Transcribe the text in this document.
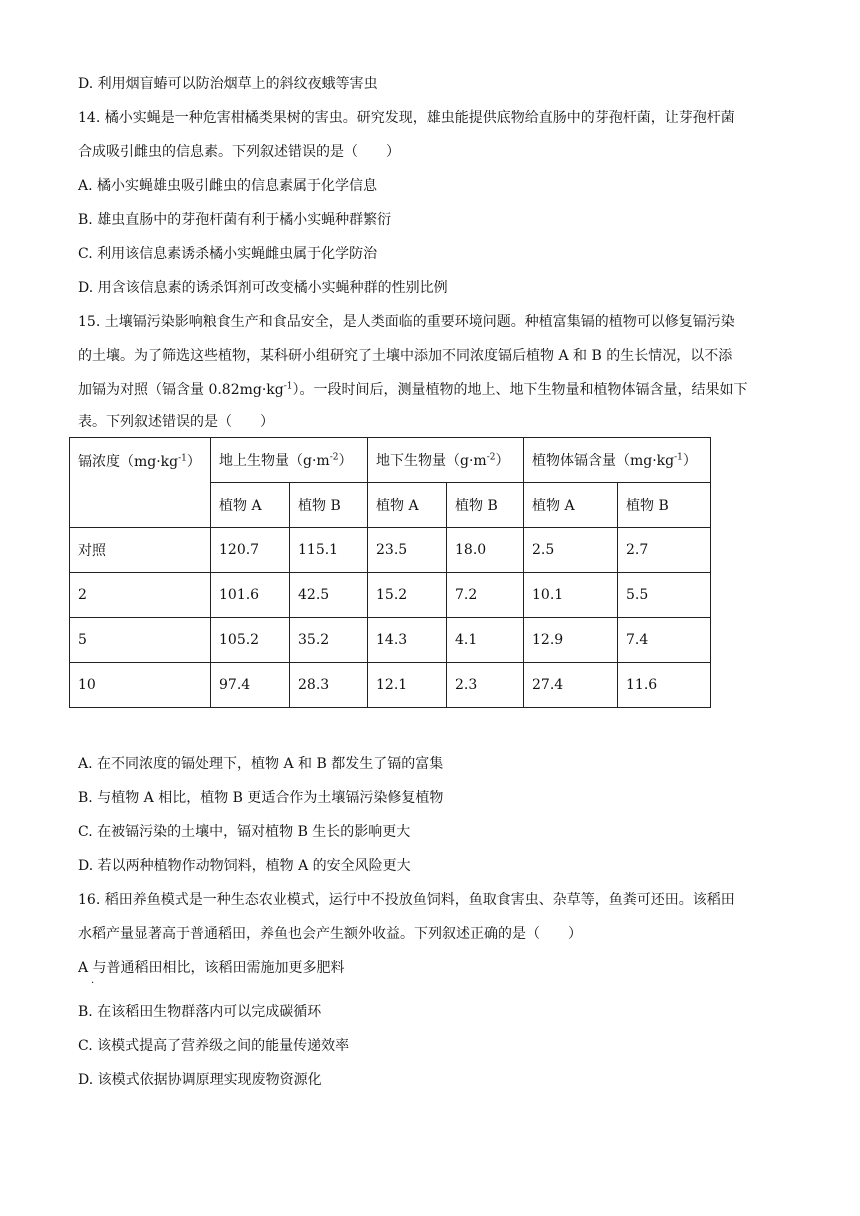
D. 利用烟盲蝽可以防治烟草上的斜纹夜蛾等害虫
14. 橘小实蝇是一种危害柑橘类果树的害虫。研究发现，雄虫能提供底物给直肠中的芽孢杆菌，让芽孢杆菌
合成吸引雌虫的信息素。下列叙述错误的是（　　）
A. 橘小实蝇雄虫吸引雌虫的信息素属于化学信息
B. 雄虫直肠中的芽孢杆菌有利于橘小实蝇种群繁衍
C. 利用该信息素诱杀橘小实蝇雌虫属于化学防治
D. 用含该信息素的诱杀饵剂可改变橘小实蝇种群的性别比例
15. 土壤镉污染影响粮食生产和食品安全，是人类面临的重要环境问题。种植富集镉的植物可以修复镉污染
的土壤。为了筛选这些植物，某科研小组研究了土壤中添加不同浓度镉后植物 A 和 B 的生长情况，以不添
加镉为对照（镉含量 $0.82mg\cdot kg^{-1}$）。一段时间后，测量植物的地上、地下生物量和植物体镉含量，结果如下
表。下列叙述错误的是（　　）
镉浓度$(mg\cdot kg^{-1})$	地上生物量$(g\cdot m^{-2})$		地下生物量$(g\cdot m^{-2})$		植物体镉含量$(mg\cdot kg^{-1})$	
	植物 A	植物 B	植物 A	植物 B	植物 A	植物 B
对照	120.7	115.1	23.5	18.0	2.5	2.7
2	101.6	42.5	15.2	7.2	10.1	5.5
5	105.2	35.2	14.3	4.1	12.9	7.4
10	97.4	28.3	12.1	2.3	27.4	11.6
A. 在不同浓度的镉处理下，植物 A 和 B 都发生了镉的富集
B. 与植物 A 相比，植物 B 更适合作为土壤镉污染修复植物
C. 在被镉污染的土壤中，镉对植物 B 生长的影响更大
D. 若以两种植物作动物饲料，植物 A 的安全风险更大
16. 稻田养鱼模式是一种生态农业模式，运行中不投放鱼饲料，鱼取食害虫、杂草等，鱼粪可还田。该稻田
水稻产量显著高于普通稻田，养鱼也会产生额外收益。下列叙述正确的是（　　）
A 与普通稻田相比，该稻田需施加更多肥料
·
B. 在该稻田生物群落内可以完成碳循环
C. 该模式提高了营养级之间的能量传递效率
D. 该模式依据协调原理实现废物资源化
